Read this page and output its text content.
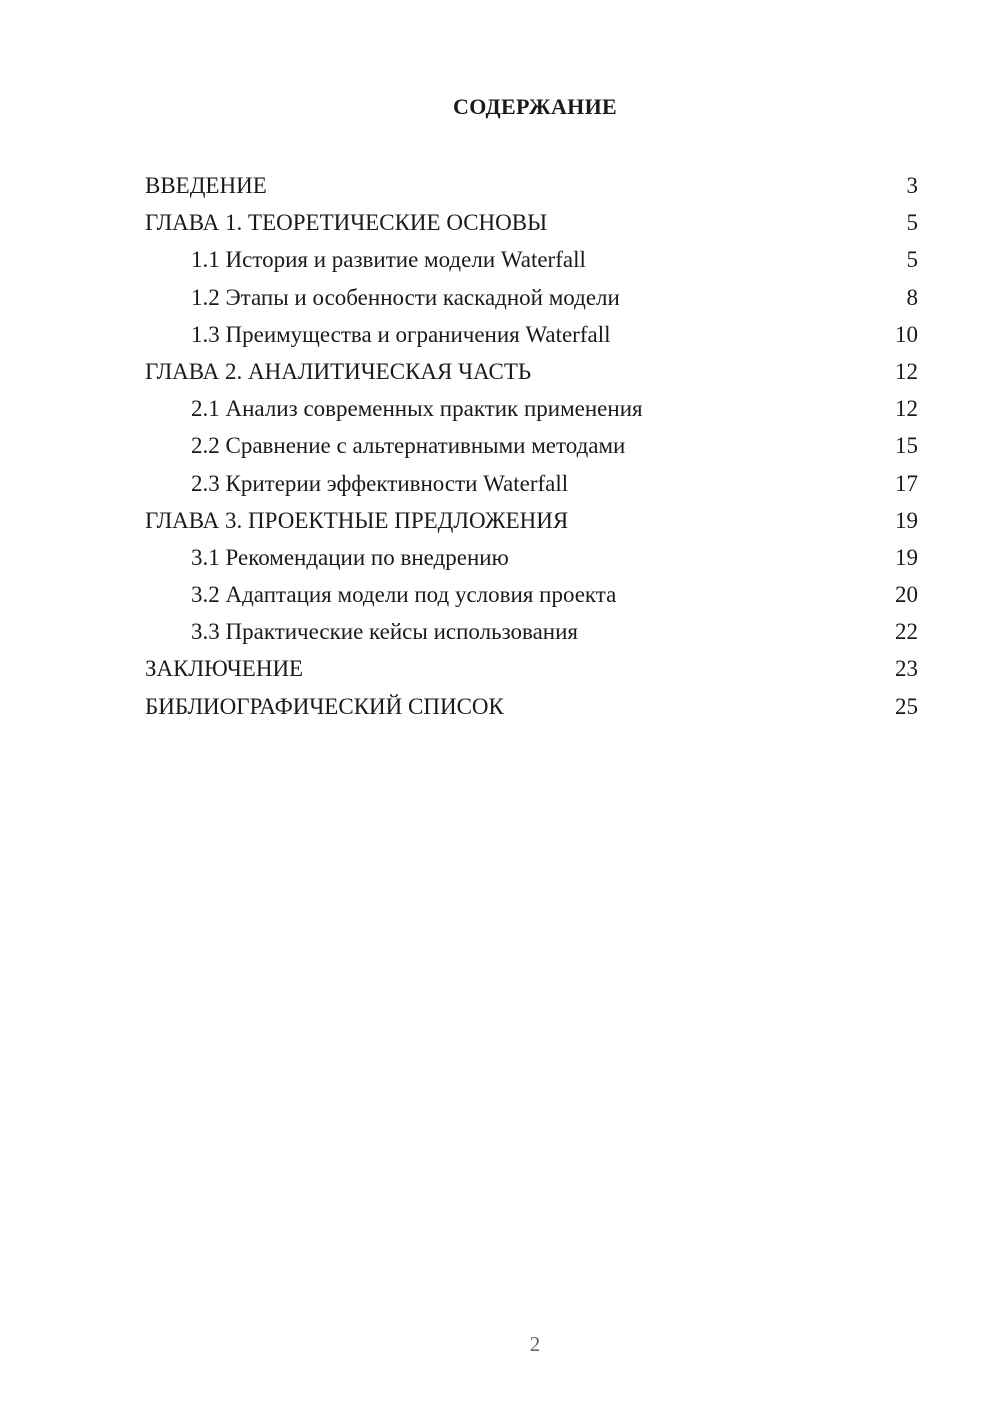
СОДЕРЖАНИЕ
ВВЕДЕНИЕ	3
ГЛАВА 1. ТЕОРЕТИЧЕСКИЕ ОСНОВЫ	5
1.1 История и развитие модели Waterfall	5
1.2 Этапы и особенности каскадной модели	8
1.3 Преимущества и ограничения Waterfall	10
ГЛАВА 2. АНАЛИТИЧЕСКАЯ ЧАСТЬ	12
2.1 Анализ современных практик применения	12
2.2 Сравнение с альтернативными методами	15
2.3 Критерии эффективности Waterfall	17
ГЛАВА 3. ПРОЕКТНЫЕ ПРЕДЛОЖЕНИЯ	19
3.1 Рекомендации по внедрению	19
3.2 Адаптация модели под условия проекта	20
3.3 Практические кейсы использования	22
ЗАКЛЮЧЕНИЕ	23
БИБЛИОГРАФИЧЕСКИЙ СПИСОК	25
2
